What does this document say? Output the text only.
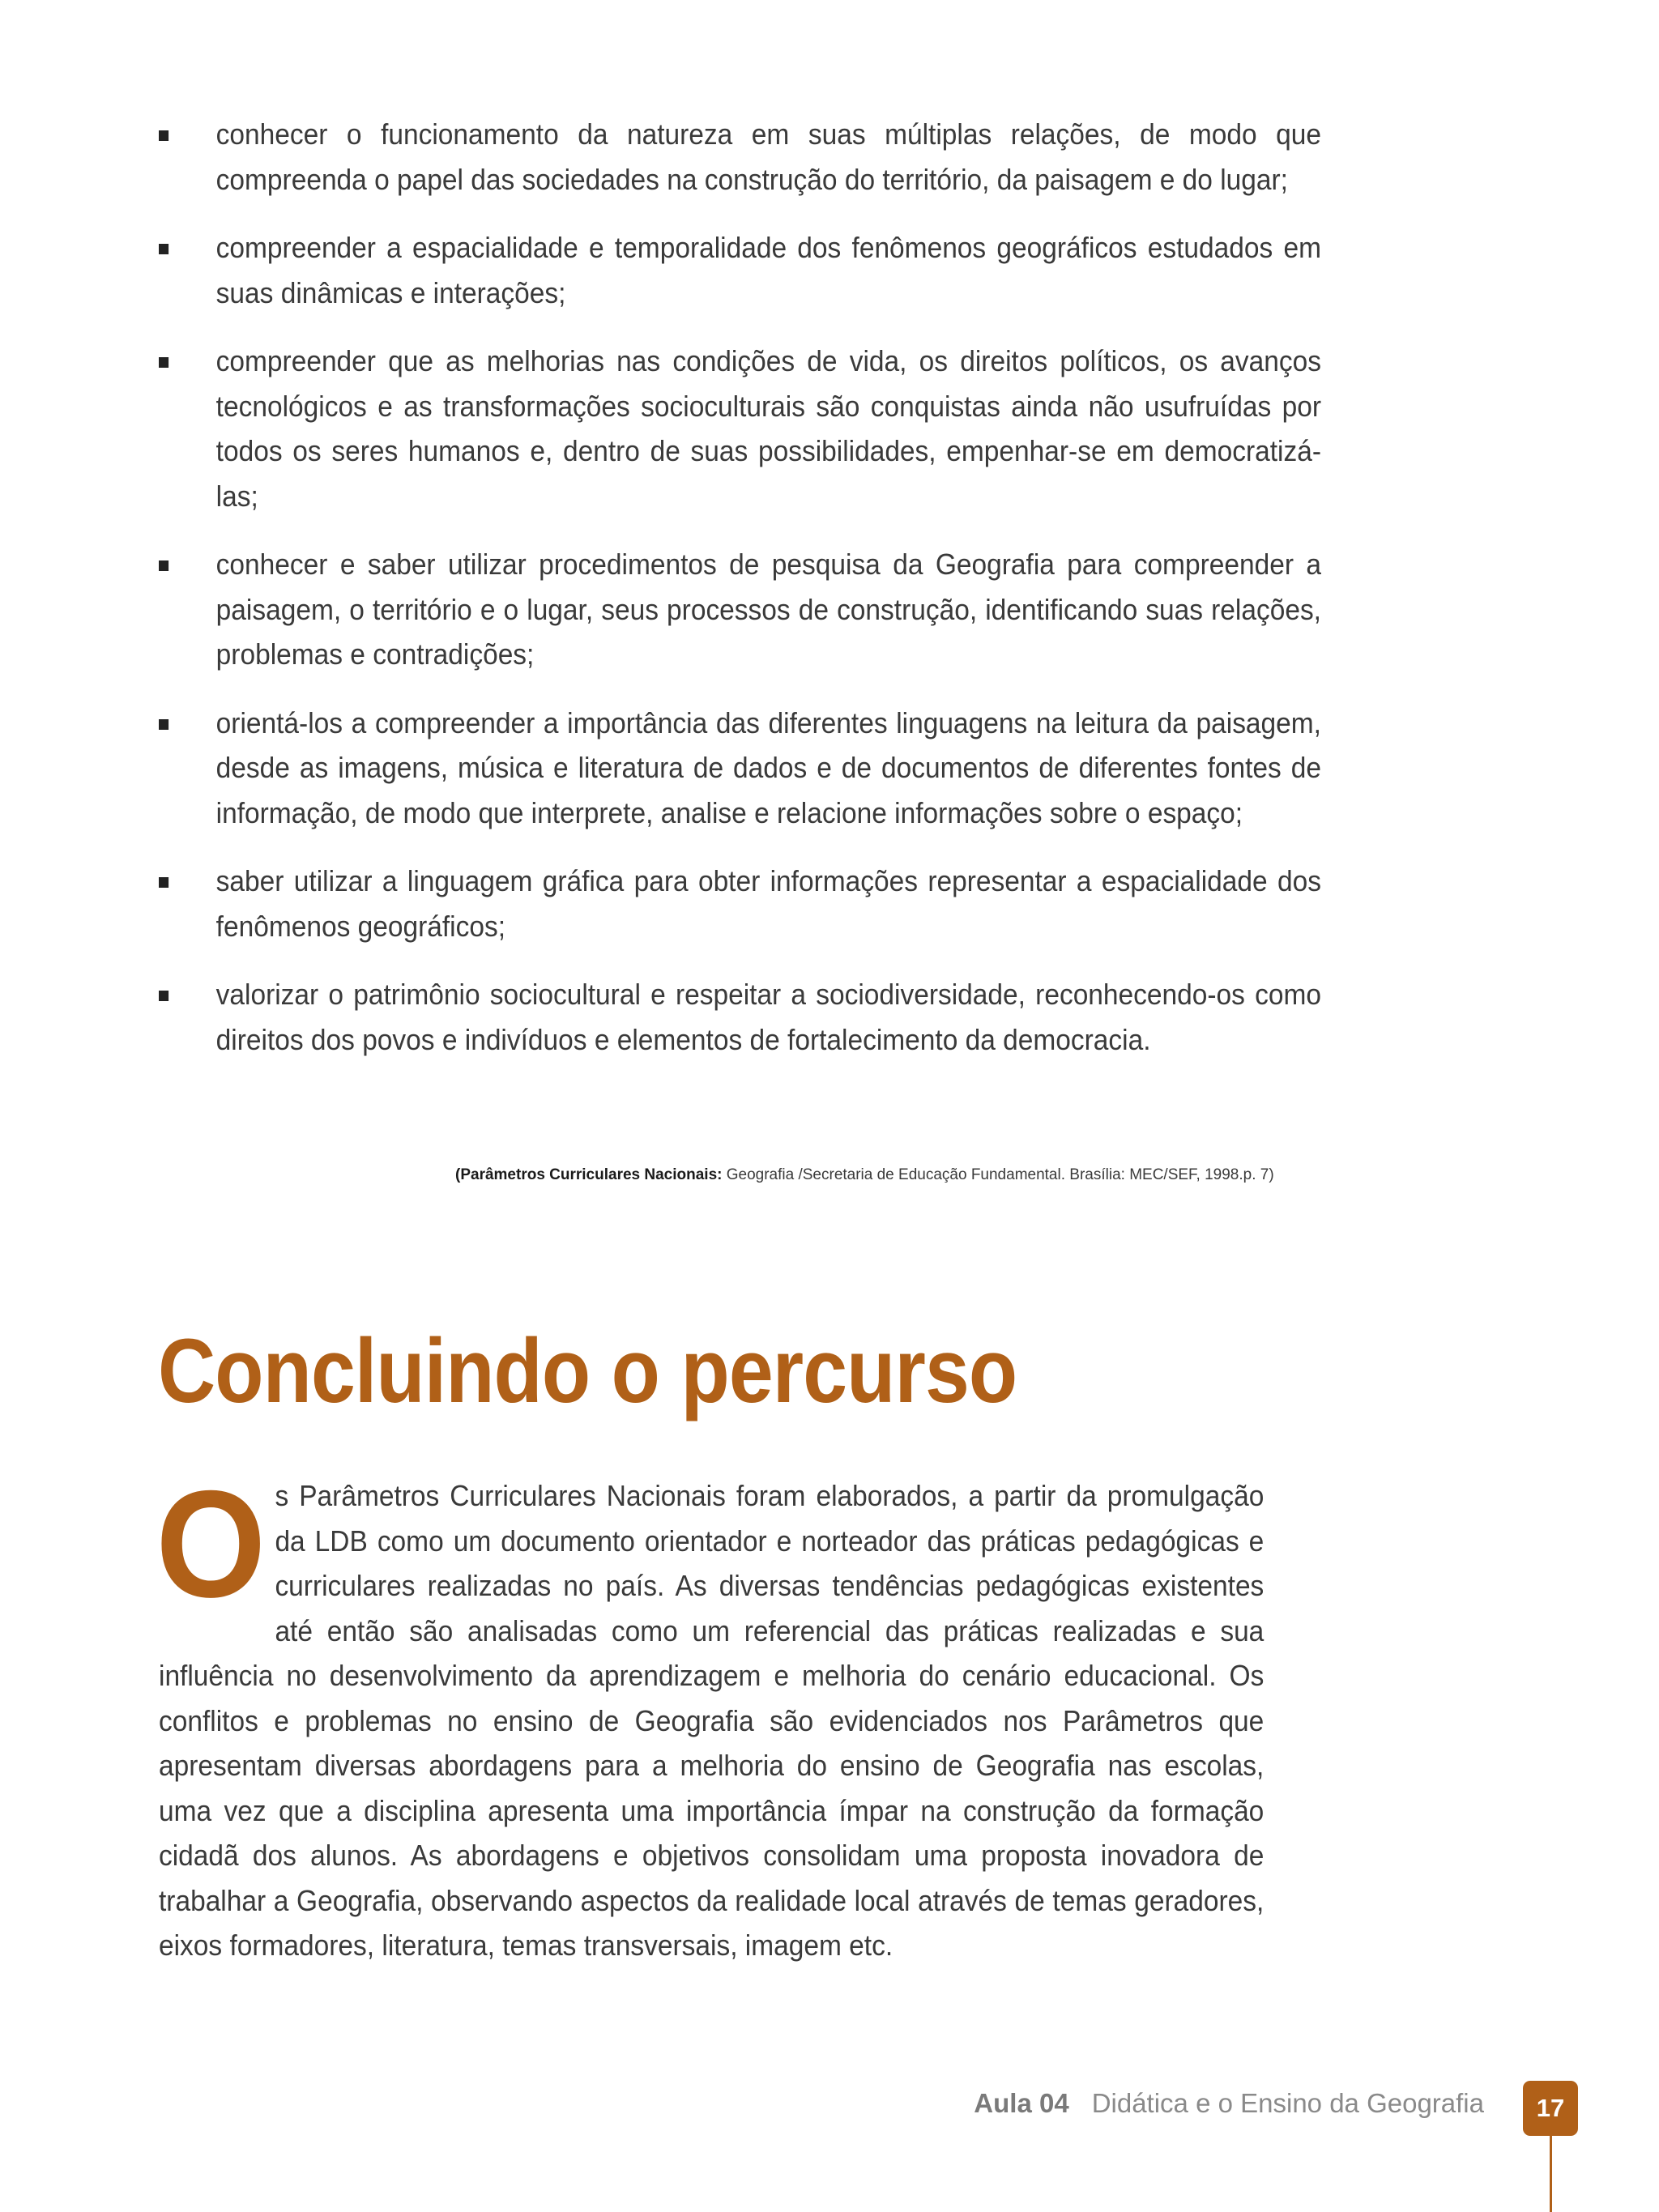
conhecer o funcionamento da natureza em suas múltiplas relações, de modo que compreenda o papel das sociedades na construção do território, da paisagem e do lugar;
compreender a espacialidade e temporalidade dos fenômenos geográficos estudados em suas dinâmicas e interações;
compreender que as melhorias nas condições de vida, os direitos políticos, os avanços tecnológicos e as transformações socioculturais são conquistas ainda não usufruídas por todos os seres humanos e, dentro de suas possibilidades, empenhar-se em democratizá-las;
conhecer e saber utilizar procedimentos de pesquisa da Geografia para compreender a paisagem, o território e o lugar, seus processos de construção, identificando suas relações, problemas e contradições;
orientá-los a compreender a importância das diferentes linguagens na leitura da paisagem, desde as imagens, música e literatura de dados e de documentos de diferentes fontes de informação, de modo que interprete, analise e relacione informações sobre o espaço;
saber utilizar a linguagem gráfica para obter informações representar a espacialidade dos fenômenos geográficos;
valorizar o patrimônio sociocultural e respeitar a sociodiversidade, reconhecendo-os como direitos dos povos e indivíduos e elementos de fortalecimento da democracia.
(Parâmetros Curriculares Nacionais: Geografia /Secretaria de Educação Fundamental. Brasília: MEC/SEF, 1998.p. 7)
Concluindo o percurso
O s Parâmetros Curriculares Nacionais foram elaborados, a partir da promulgação da LDB como um documento orientador e norteador das práticas pedagógicas e curriculares realizadas no país. As diversas tendências pedagógicas existentes até então são analisadas como um referencial das práticas realizadas e sua influência no desenvolvimento da aprendizagem e melhoria do cenário educacional. Os conflitos e problemas no ensino de Geografia são evidenciados nos Parâmetros que apresentam diversas abordagens para a melhoria do ensino de Geografia nas escolas, uma vez que a disciplina apresenta uma importância ímpar na construção da formação cidadã dos alunos. As abordagens e objetivos consolidam uma proposta inovadora de trabalhar a Geografia, observando aspectos da realidade local através de temas geradores, eixos formadores, literatura, temas transversais, imagem etc.
Aula 04 Didática e o Ensino da Geografia	17
